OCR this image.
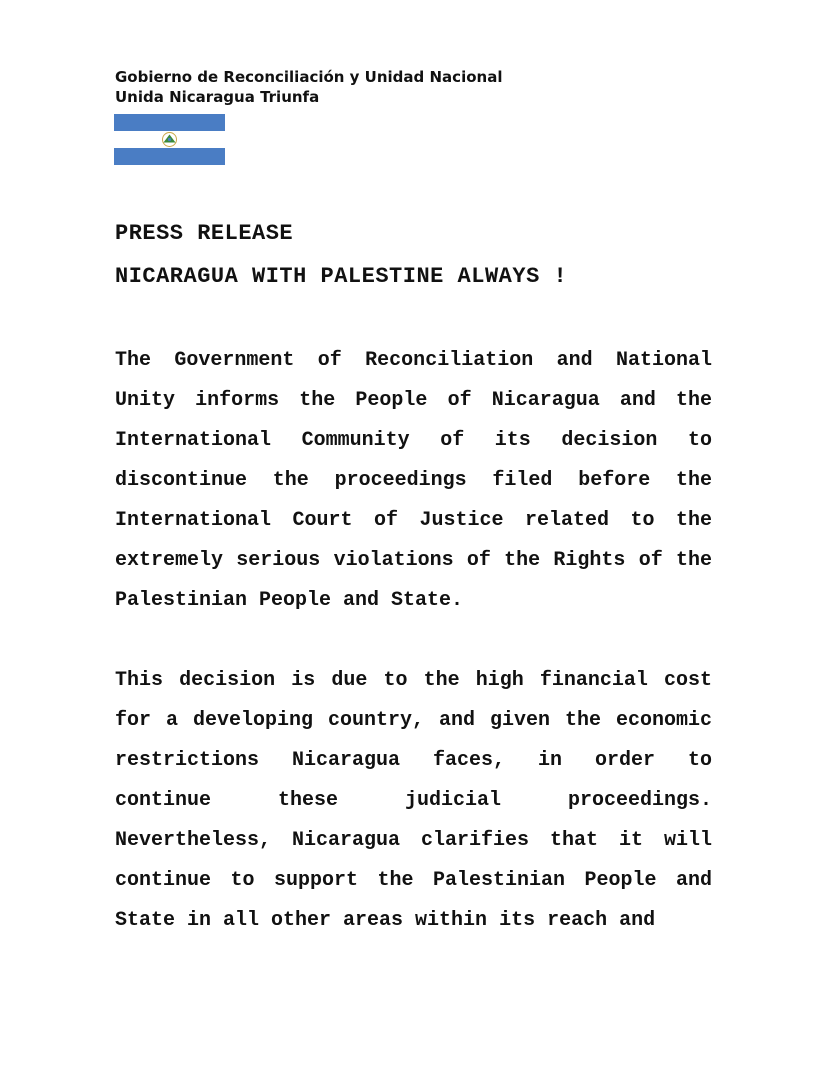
Gobierno de Reconciliación y Unidad Nacional
Unida Nicaragua Triunfa
PRESS RELEASE
NICARAGUA WITH PALESTINE ALWAYS !
The Government of Reconciliation and National Unity informs the People of Nicaragua and the International Community of its decision to discontinue the proceedings filed before the International Court of Justice related to the extremely serious violations of the Rights of the Palestinian People and State.
This decision is due to the high financial cost for a developing country, and given the economic restrictions Nicaragua faces, in order to continue these judicial proceedings. Nevertheless, Nicaragua clarifies that it will continue to support the Palestinian People and State in all other areas within its reach and
